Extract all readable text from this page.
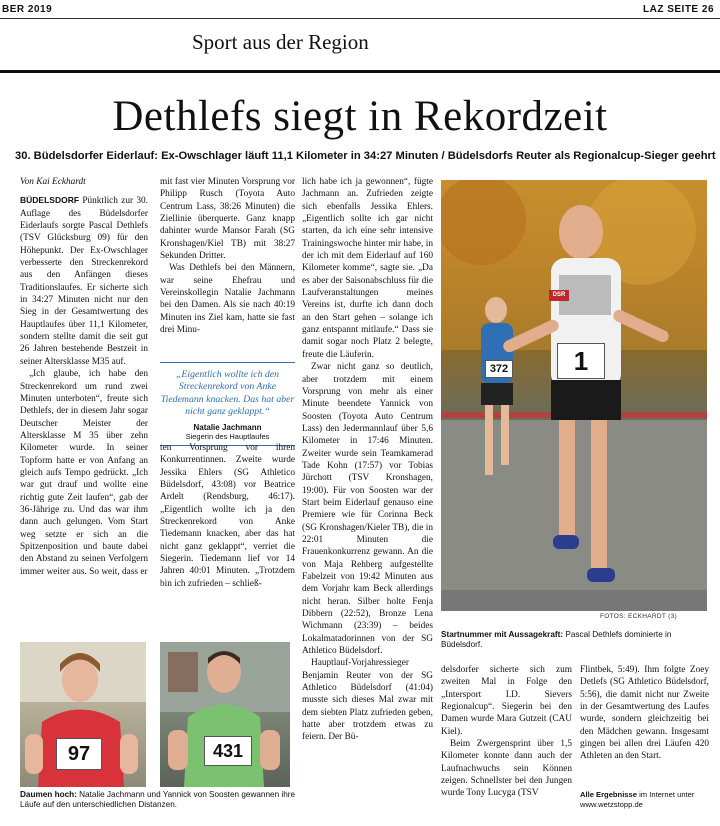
BER 2019	LAZ SEITE 26
Sport aus der Region
Dethlefs siegt in Rekordzeit
30. Büdelsdorfer Eiderlauf: Ex-Owschlager läuft 11,1 Kilometer in 34:27 Minuten / Büdelsdorfs Reuter als Regionalcup-Sieger geehrt

Von Kai Eckhardt

BÜDELSDORF Pünktlich zur 30. Auflage des Büdelsdorfer Eiderlaufs sorgte Pascal Dethlefs (TSV Glücksburg 09) für den Höhepunkt. Der Ex-Owschlager verbesserte den Streckenrekord aus den Anfängen dieses Traditionslaufes. Er sicherte sich in 34:27 Minuten nicht nur den Sieg in der Gesamtwertung des Hauptlaufes über 11,1 Kilometer, sondern stellte damit die seit gut 26 Jahren bestehende Bestzeit in seiner Altersklasse M35 auf.

„Ich glaube, ich habe den Streckenrekord um rund zwei Minuten unterboten“, freute sich Dethlefs, der in diesem Jahr sogar Deutscher Meister der Altersklasse M 35 über zehn Kilometer wurde. In seiner Topform hatte er von Anfang an gleich aufs Tempo gedrückt. „Ich war gut drauf und wollte eine richtig gute Zeit laufen“, gab der 36-Jährige zu. Und das war ihm dann auch gelungen. Vom Start weg setzte er sich an die Spitzenposition und baute dabei den Abstand zu seinen Verfolgern immer weiter aus. So weit, dass er

mit fast vier Minuten Vorsprung vor Philipp Rusch (Toyota Auto Centrum Lass, 38:26 Minuten) die Ziellinie überquerte. Ganz knapp dahinter wurde Mansor Farah (SG Kronshagen/Kiel TB) mit 38:27 Sekunden Dritter.

Was Dethlefs bei den Männern, war seine Ehefrau und Vereinskollegin Natalie Jachmann bei den Damen. Als sie nach 40:19 Minuten ins Ziel kam, hatte sie fast drei Minu-

„Eigentlich wollte ich den Streckenrekord von Anke Tiedemann knacken. Das hat aber nicht ganz geklappt.“
Natalie Jachmann
Siegerin des Hauptlaufes

ten Vorsprung vor ihren Konkurrentinnen. Zweite wurde Jessika Ehlers (SG Athletico Büdelsdorf, 43:08) vor Beatrice Ardelt (Rendsburg, 46:17). „Eigentlich wollte ich ja den Streckenrekord von Anke Tiedemann knacken, aber das hat nicht ganz geklappt“, verriet die Siegerin. Tiedemann lief vor 14 Jahren 40:01 Minuten. „Trotzdem bin ich zufrieden – schließ-

lich habe ich ja gewonnen“, fügte Jachmann an. Zufrieden zeigte sich ebenfalls Jessika Ehlers. „Eigentlich sollte ich gar nicht starten, da ich eine sehr intensive Trainingswoche hinter mir habe, in der ich mit dem Eiderlauf auf 160 Kilometer komme“, sagte sie. „Da es aber der Saisonabschluss für die Laufveranstaltungen meines Vereins ist, durfte ich dann doch an den Start gehen – solange ich ganz entspannt mitlaufe.“ Dass sie damit sogar noch Platz 2 belegte, freute die Läuferin.

Zwar nicht ganz so deutlich, aber trotzdem mit einem Vorsprung von mehr als einer Minute beendete Yannick von Soosten (Toyota Auto Centrum Lass) den Jedermannlauf über 5,6 Kilometer in 17:46 Minuten. Zweiter wurde sein Teamkamerad Tade Kohn (17:57) vor Tobias Jürchott (TSV Kronshagen, 19:00). Für von Soosten war der Start beim Eiderlauf genauso eine Premiere wie für Corinna Beck (SG Kronshagen/Kieler TB), die in 22:01 Minuten die Frauenkonkurrenz gewann. An die von Maja Rehberg aufgestellte Fabelzeit von 19:42 Minuten aus dem Vorjahr kam Beck allerdings nicht heran. Silber holte Fenja Dibbern (22:52), Bronze Lena Wichmann (23:39) – beides Lokalmatadorinnen von der SG Athletico Büdelsdorf.

Hauptlauf-Vorjahressieger Benjamin Reuter von der SG Athletico Büdelsdorf (41:04) musste sich dieses Mal zwar mit dem siebten Platz zufrieden geben, hatte aber trotzdem etwas zu feiern. Der Bü-

1
372
DSR
FOTOS: ECKHARDT (3)
Startnummer mit Aussagekraft: Pascal Dethlefs dominierte in Büdelsdorf.

delsdorfer sicherte sich zum zweiten Mal in Folge den „Intersport I.D. Sievers Regionalcup“. Siegerin bei den Damen wurde Mara Gutzeit (CAU Kiel).

Beim Zwergensprint über 1,5 Kilometer konnte dann auch der Laufnachwuchs sein Können zeigen. Schnellster bei den Jungen wurde Tony Lucyga (TSV

Flintbek, 5:49). Ihm folgte Zoey Detlefs (SG Athletico Büdelsdorf, 5:56), die damit nicht nur Zweite in der Gesamtwertung des Laufes wurde, sondern gleichzeitig bei den Mädchen gewann. Insgesamt gingen bei allen drei Läufen 420 Athleten an den Start.

Alle Ergebnisse im Internet unter www.wetzstopp.de
97	431
Daumen hoch: Natalie Jachmann und Yannick von Soosten gewannen ihre Läufe auf den unterschiedlichen Distanzen.
